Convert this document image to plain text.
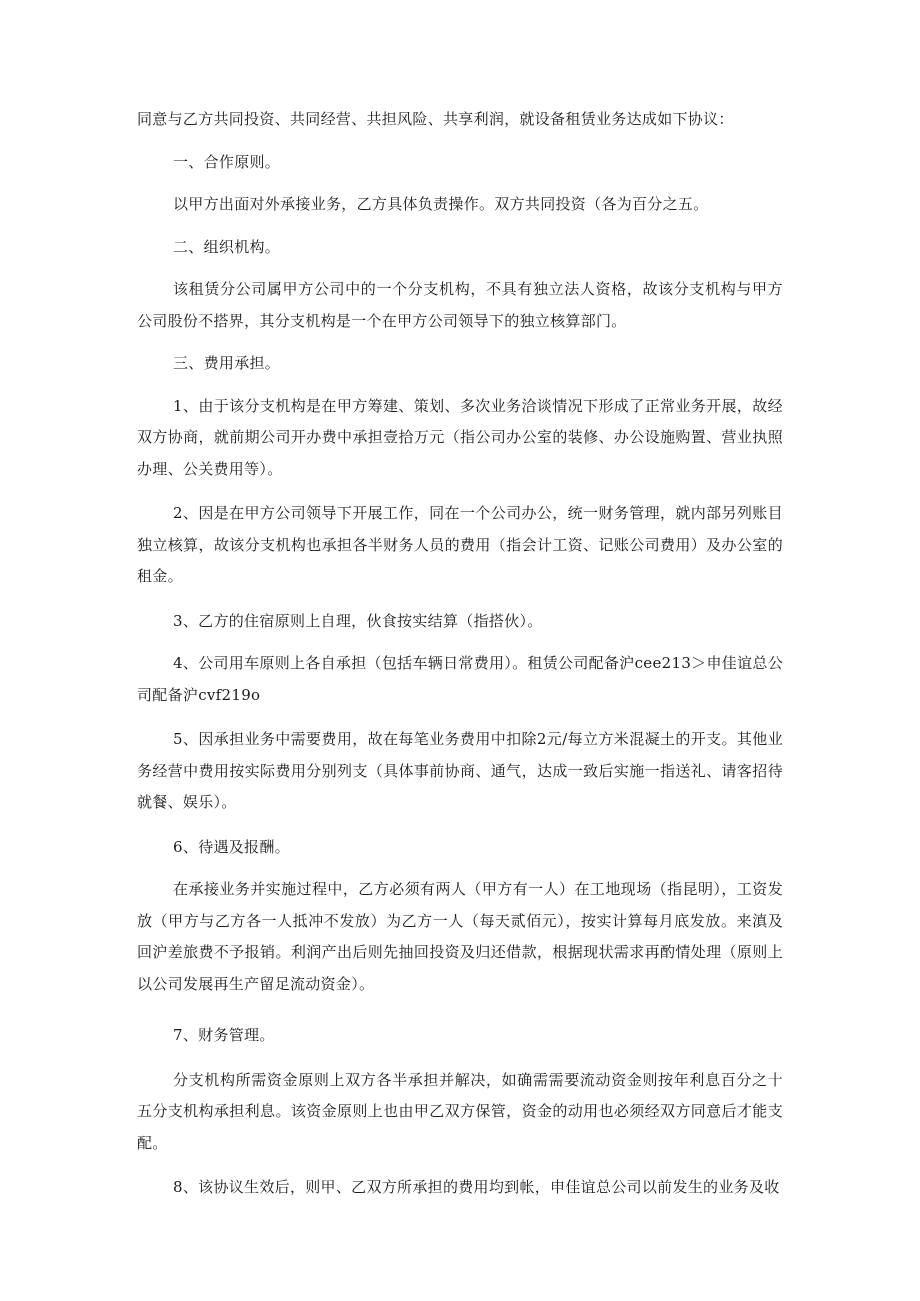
同意与乙方共同投资、共同经营、共担风险、共享利润，就设备租赁业务达成如下协议：

一、合作原则。

以甲方出面对外承接业务，乙方具体负责操作。双方共同投资（各为百分之五。

二、组织机构。

该租赁分公司属甲方公司中的一个分支机构，不具有独立法人资格，故该分支机构与甲方公司股份不搭界，其分支机构是一个在甲方公司领导下的独立核算部门。

三、费用承担。

1、由于该分支机构是在甲方筹建、策划、多次业务洽谈情况下形成了正常业务开展，故经双方协商，就前期公司开办费中承担壹拾万元（指公司办公室的装修、办公设施购置、营业执照办理、公关费用等）。

2、因是在甲方公司领导下开展工作，同在一个公司办公，统一财务管理，就内部另列账目独立核算，故该分支机构也承担各半财务人员的费用（指会计工资、记账公司费用）及办公室的租金。

3、乙方的住宿原则上自理，伙食按实结算（指搭伙）。

4、公司用车原则上各自承担（包括车辆日常费用）。租赁公司配备沪cee213＞申佳谊总公司配备沪cvf219o

5、因承担业务中需要费用，故在每笔业务费用中扣除2元/每立方米混凝土的开支。其他业务经营中费用按实际费用分别列支（具体事前协商、通气，达成一致后实施一指送礼、请客招待就餐、娱乐）。

6、待遇及报酬。

在承接业务并实施过程中，乙方必须有两人（甲方有一人）在工地现场（指昆明），工资发放（甲方与乙方各一人抵冲不发放）为乙方一人（每天贰佰元），按实计算每月底发放。来滇及回沪差旅费不予报销。利润产出后则先抽回投资及归还借款，根据现状需求再酌情处理（原则上以公司发展再生产留足流动资金）。

7、财务管理。

分支机构所需资金原则上双方各半承担并解决，如确需需要流动资金则按年利息百分之十五分支机构承担利息。该资金原则上也由甲乙双方保管，资金的动用也必须经双方同意后才能支配。

8、该协议生效后，则甲、乙双方所承担的费用均到帐，申佳谊总公司以前发生的业务及收
